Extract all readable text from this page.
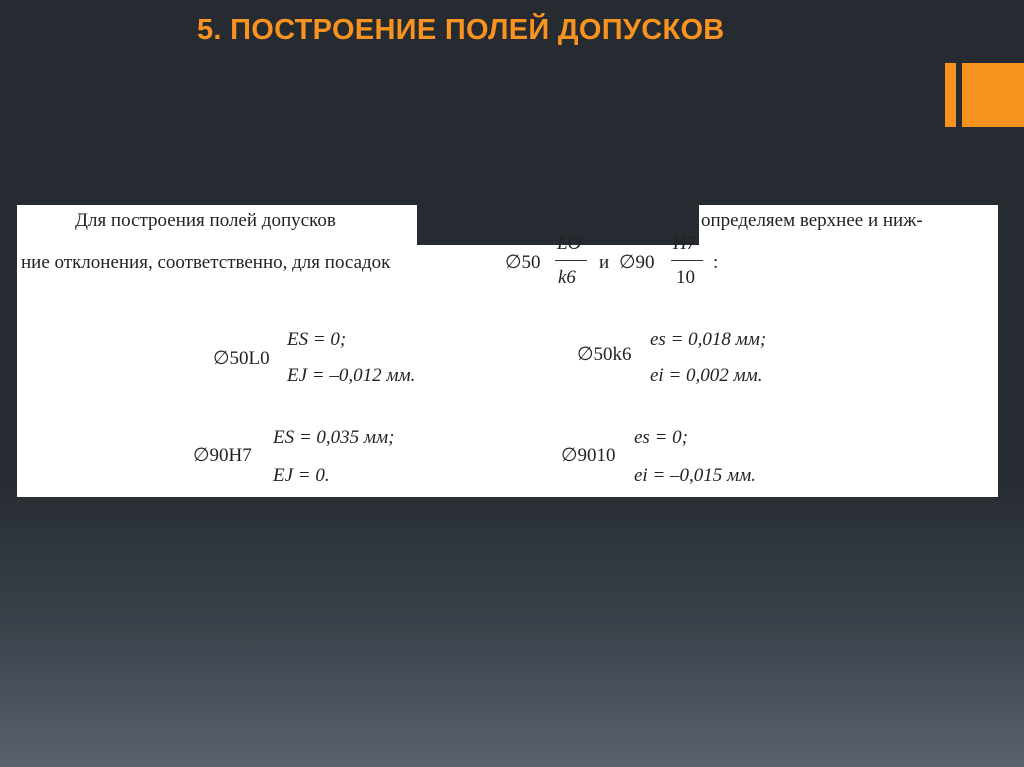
5. ПОСТРОЕНИЕ ПОЛЕЙ ДОПУСКОВ
Для построения полей допусков	определяем верхнее и ниж-
ние отклонения, соответственно, для посадок	∅50
LO
k6
и ∅90
H7
10
:
∅50L0
ES = 0;
EJ = –0,012 мм.
∅50k6
es = 0,018 мм;
ei = 0,002 мм.
∅90H7
ES = 0,035 мм;
EJ = 0.
∅9010
es = 0;
ei = –0,015 мм.
